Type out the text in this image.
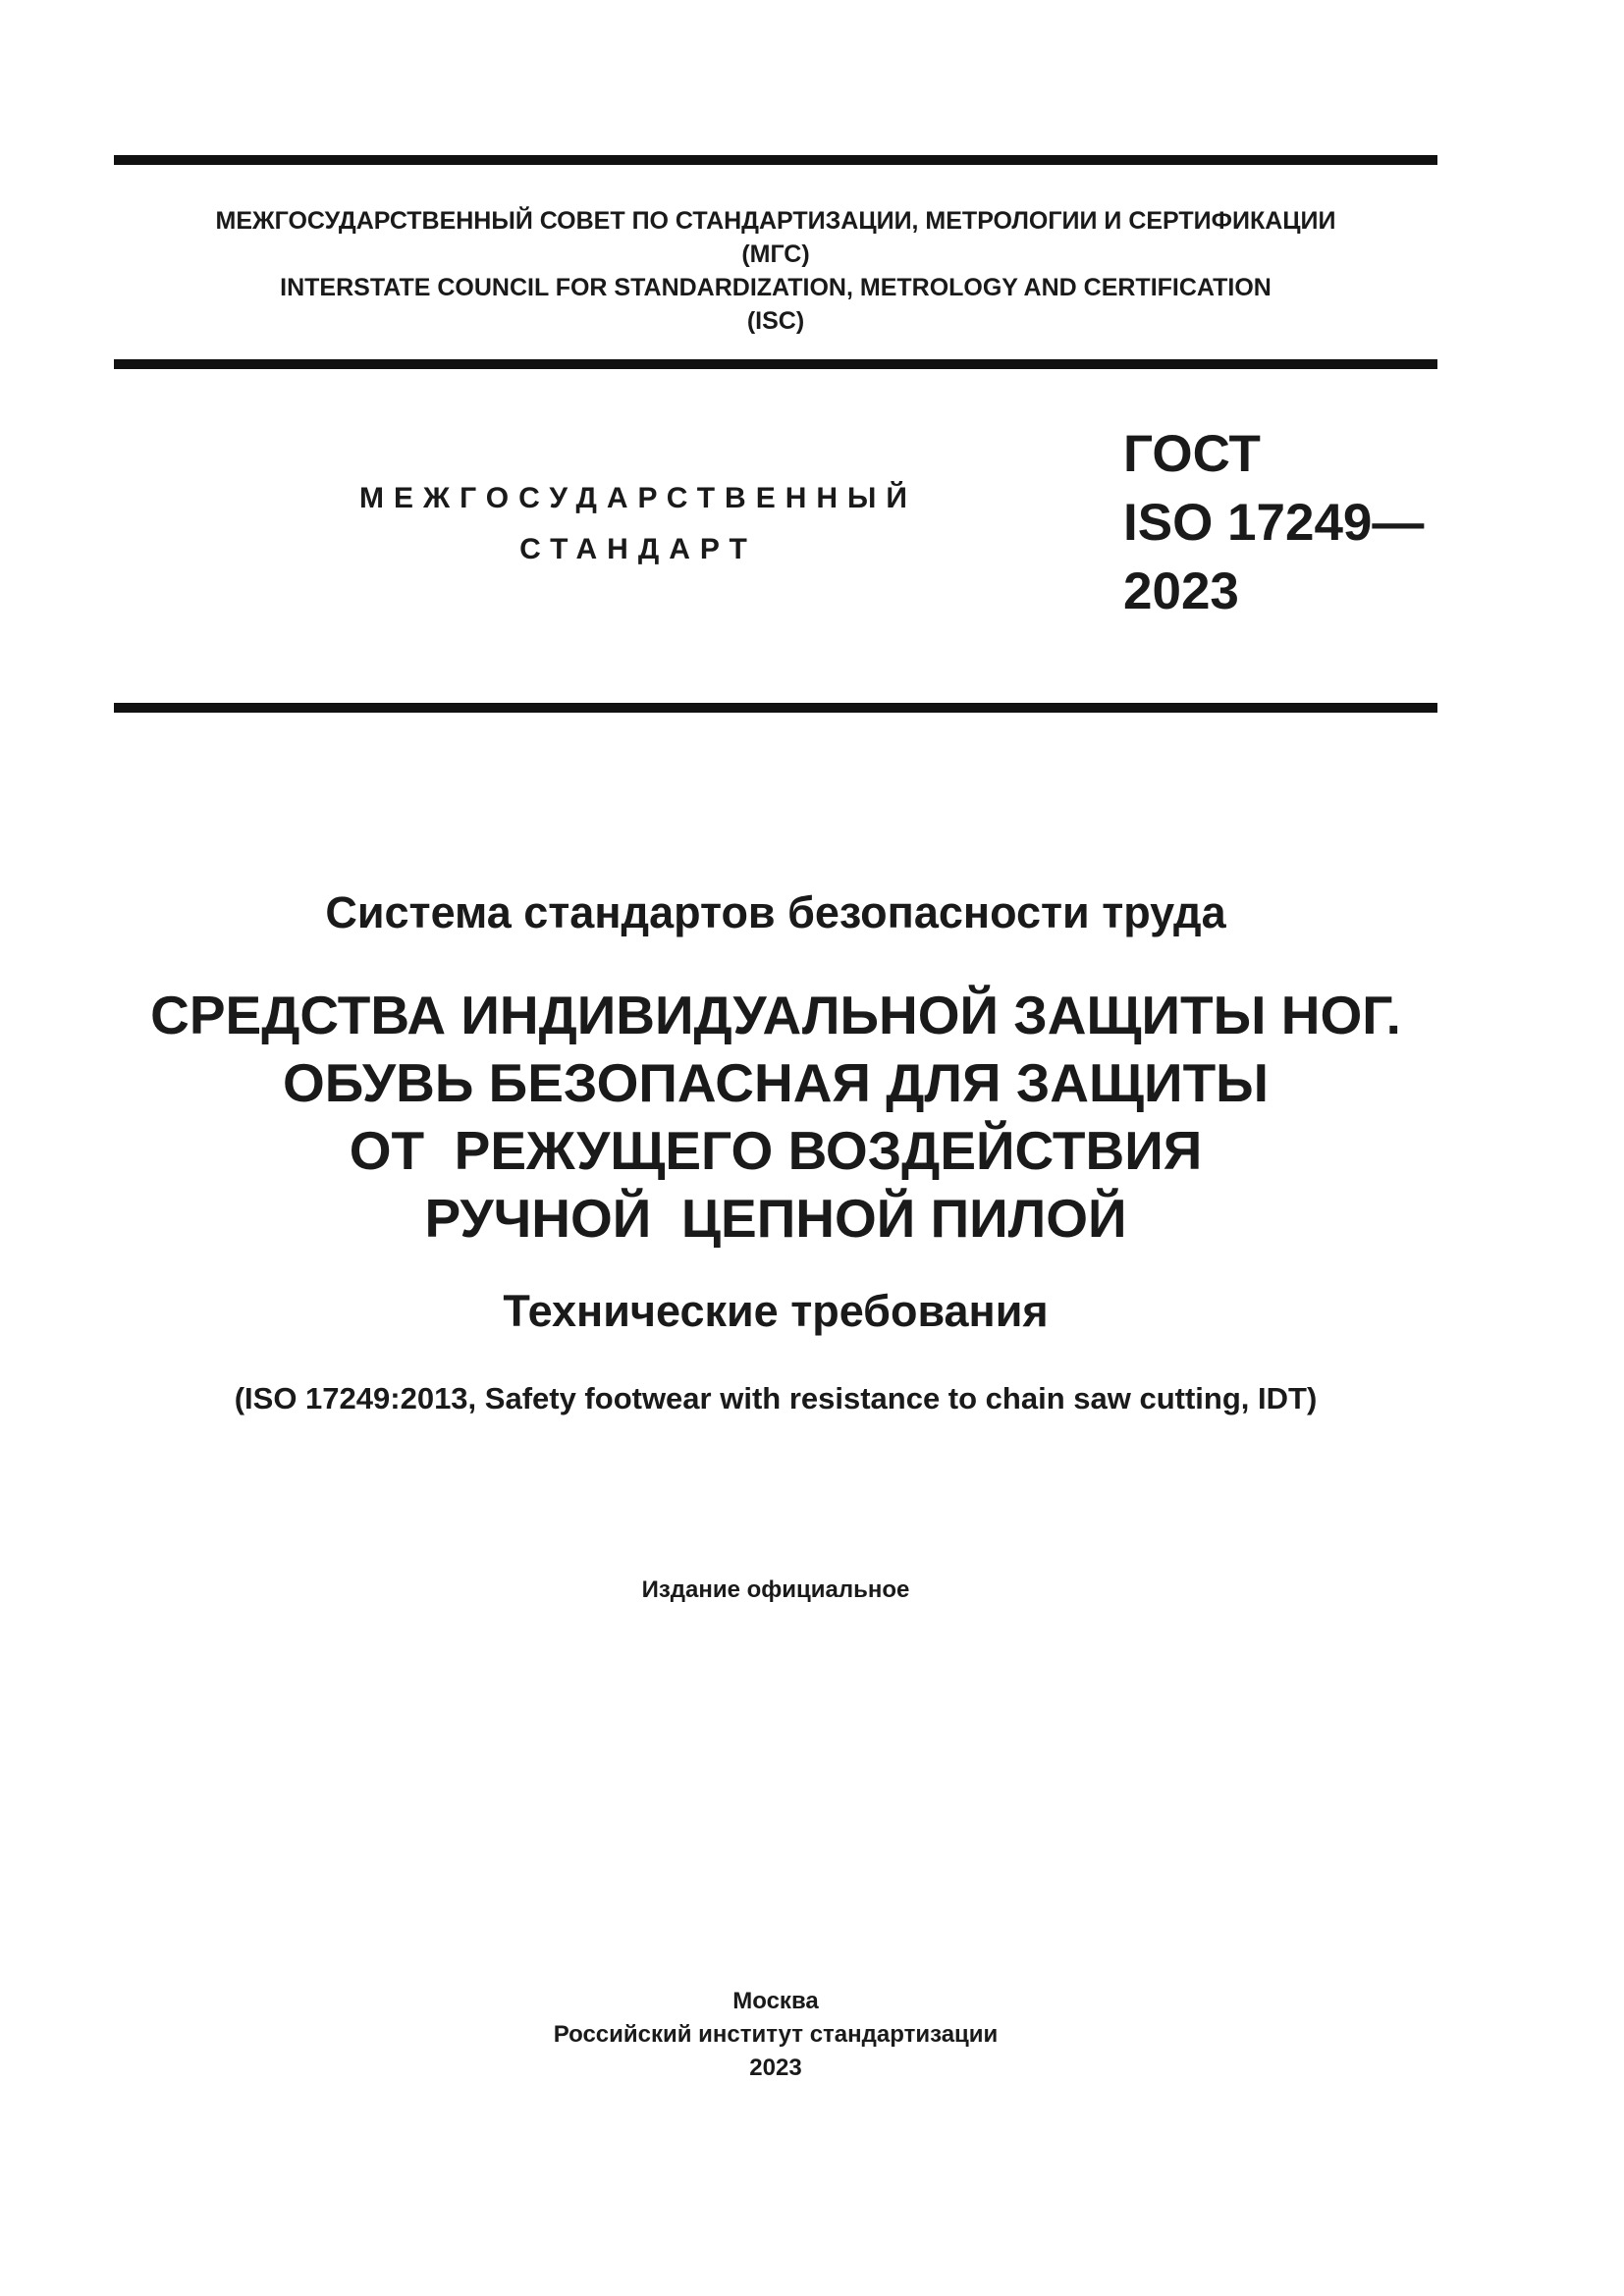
МЕЖГОСУДАРСТВЕННЫЙ СОВЕТ ПО СТАНДАРТИЗАЦИИ, МЕТРОЛОГИИ И СЕРТИФИКАЦИИ
(МГС)
INTERSTATE COUNCIL FOR STANDARDIZATION, METROLOGY AND CERTIFICATION
(ISC)
МЕЖГОСУДАРСТВЕННЫЙ
СТАНДАРТ
ГОСТ
ISO 17249—
2023
Система стандартов безопасности труда
СРЕДСТВА ИНДИВИДУАЛЬНОЙ ЗАЩИТЫ НОГ.
ОБУВЬ БЕЗОПАСНАЯ ДЛЯ ЗАЩИТЫ
ОТ  РЕЖУЩЕГО ВОЗДЕЙСТВИЯ
РУЧНОЙ  ЦЕПНОЙ ПИЛОЙ
Технические требования
(ISO 17249:2013, Safety footwear with resistance to chain saw cutting, IDT)
Издание официальное
Москва
Российский институт стандартизации
2023
